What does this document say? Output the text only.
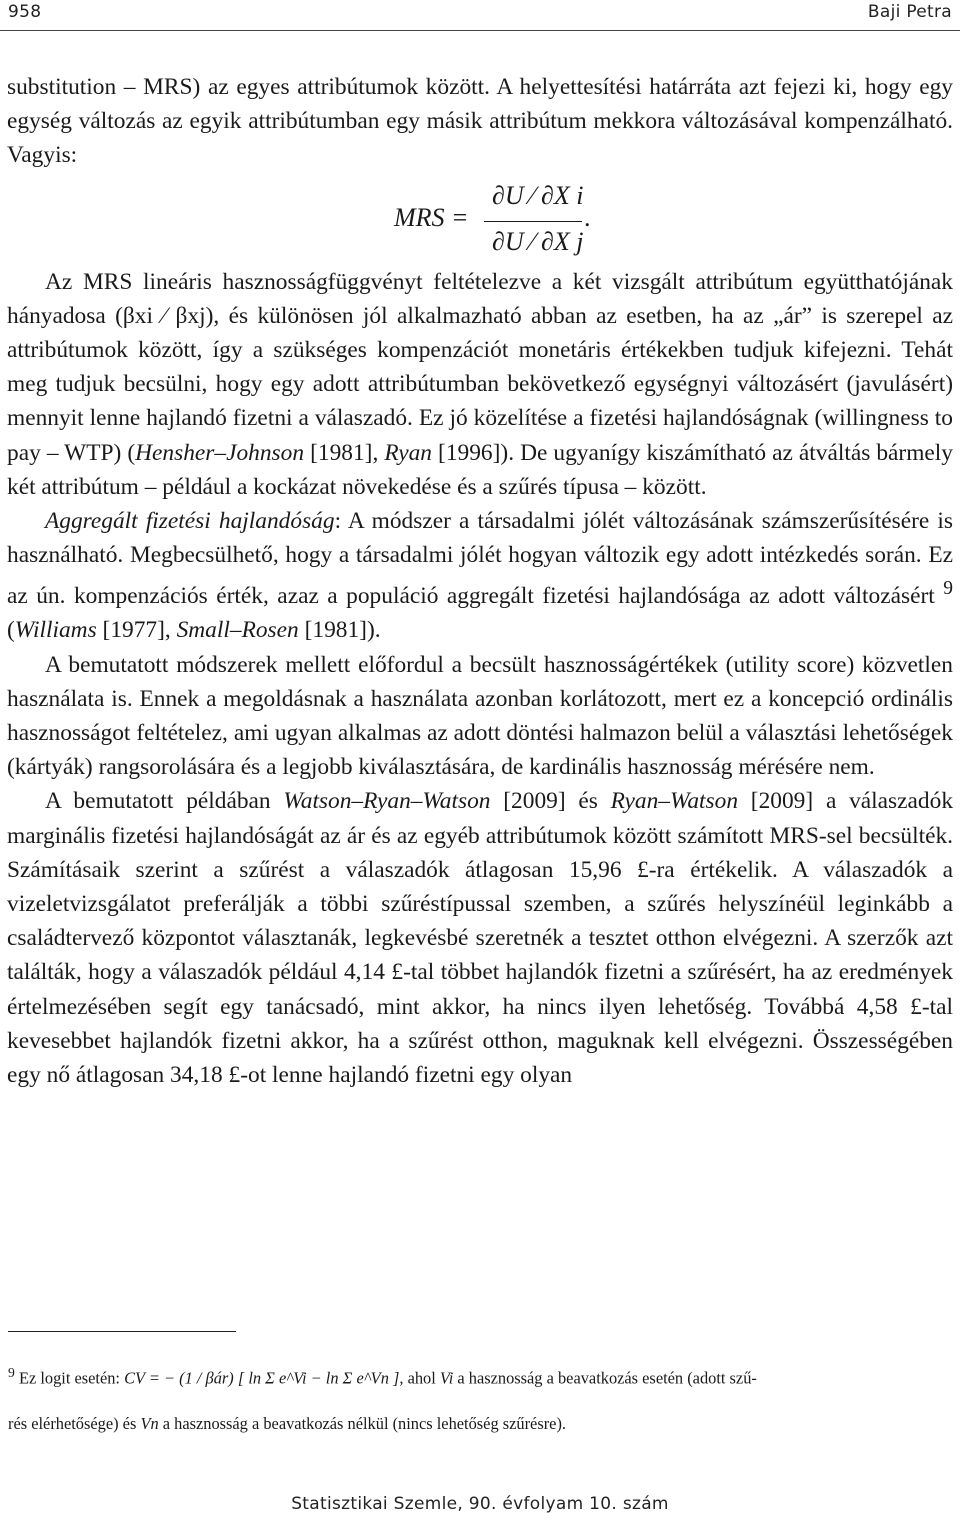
958	Baji Petra

substitution – MRS) az egyes attribútumok között. A helyettesítési határráta azt fejezi ki, hogy egy egység változás az egyik attribútumban egy másik attribútum mekkora változásával kompenzálható. Vagyis:

MRS =
∂U ⁄ ∂X i
∂U ⁄ ∂X j
.

Az MRS lineáris hasznosságfüggvényt feltételezve a két vizsgált attribútum együtthatójának hányadosa (βxi ⁄ βxj), és különösen jól alkalmazható abban az esetben, ha az „ár” is szerepel az attribútumok között, így a szükséges kompenzációt monetáris értékekben tudjuk kifejezni. Tehát meg tudjuk becsülni, hogy egy adott attribútumban bekövetkező egységnyi változásért (javulásért) mennyit lenne hajlandó fizetni a válaszadó. Ez jó közelítése a fizetési hajlandóságnak (willingness to pay – WTP) (Hensher–Johnson [1981], Ryan [1996]). De ugyanígy kiszámítható az átváltás bármely két attribútum – például a kockázat növekedése és a szűrés típusa – között.

Aggregált fizetési hajlandóság: A módszer a társadalmi jólét változásának számszerűsítésére is használható. Megbecsülhető, hogy a társadalmi jólét hogyan változik egy adott intézkedés során. Ez az ún. kompenzációs érték, azaz a populáció aggregált fizetési hajlandósága az adott változásért $^9$ (Williams [1977], Small–Rosen [1981]).

A bemutatott módszerek mellett előfordul a becsült hasznosságértékek (utility score) közvetlen használata is. Ennek a megoldásnak a használata azonban korlátozott, mert ez a koncepció ordinális hasznosságot feltételez, ami ugyan alkalmas az adott döntési halmazon belül a választási lehetőségek (kártyák) rangsorolására és a legjobb kiválasztására, de kardinális hasznosság mérésére nem.

A bemutatott példában Watson–Ryan–Watson [2009] és Ryan–Watson [2009] a válaszadók marginális fizetési hajlandóságát az ár és az egyéb attribútumok között számított MRS-sel becsülték. Számításaik szerint a szűrést a válaszadók átlagosan 15,96 £-ra értékelik. A válaszadók a vizeletvizsgálatot preferálják a többi szűréstípussal szemben, a szűrés helyszínéül leginkább a családtervező központot választanák, legkevésbé szeretnék a tesztet otthon elvégezni. A szerzők azt találták, hogy a válaszadók például 4,14 £-tal többet hajlandók fizetni a szűrésért, ha az eredmények értelmezésében segít egy tanácsadó, mint akkor, ha nincs ilyen lehetőség. Továbbá 4,58 £-tal kevesebbet hajlandók fizetni akkor, ha a szűrést otthon, maguknak kell elvégezni. Összességében egy nő átlagosan 34,18 £-ot lenne hajlandó fizetni egy olyan

$^9$ Ez logit esetén: CV = − (1 / βár) [ ln Σ e^Vi − ln Σ e^Vn ], ahol Vi a hasznosság a beavatkozás esetén (adott szű-
rés elérhetősége) és Vn a hasznosság a beavatkozás nélkül (nincs lehetőség szűrésre).
Statisztikai Szemle, 90. évfolyam 10. szám
